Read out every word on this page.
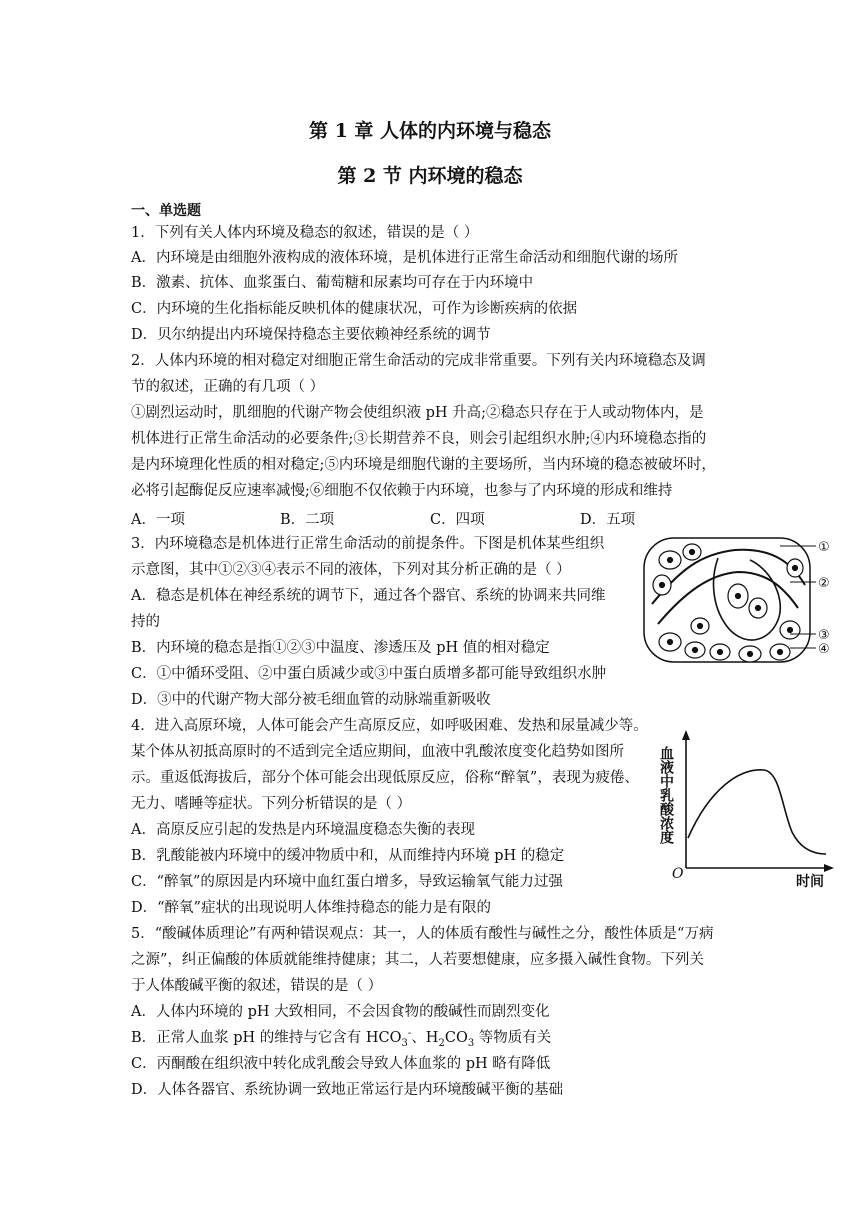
第 1 章 人体的内环境与稳态
第 2 节 内环境的稳态
一、单选题
1．下列有关人体内环境及稳态的叙述，错误的是（ ）
A．内环境是由细胞外液构成的液体环境，是机体进行正常生命活动和细胞代谢的场所
B．激素、抗体、血浆蛋白、葡萄糖和尿素均可存在于内环境中
C．内环境的生化指标能反映机体的健康状况，可作为诊断疾病的依据
D．贝尔纳提出内环境保持稳态主要依赖神经系统的调节
2．人体内环境的相对稳定对细胞正常生命活动的完成非常重要。下列有关内环境稳态及调
节的叙述，正确的有几项（ ）
①剧烈运动时，肌细胞的代谢产物会使组织液 pH 升高;②稳态只存在于人或动物体内，是
机体进行正常生命活动的必要条件;③长期营养不良，则会引起组织水肿;④内环境稳态指的
是内环境理化性质的相对稳定;⑤内环境是细胞代谢的主要场所，当内环境的稳态被破坏时，
必将引起酶促反应速率减慢;⑥细胞不仅依赖于内环境，也参与了内环境的形成和维持
A．一项	B．二项	C．四项	D．五项
3．内环境稳态是机体进行正常生命活动的前提条件。下图是机体某些组织
示意图，其中①②③④表示不同的液体，下列对其分析正确的是（ ）
A．稳态是机体在神经系统的调节下，通过各个器官、系统的协调来共同维
持的
B．内环境的稳态是指①②③中温度、渗透压及 pH 值的相对稳定
C．①中循环受阻、②中蛋白质减少或③中蛋白质增多都可能导致组织水肿
D．③中的代谢产物大部分被毛细血管的动脉端重新吸收
①
②
③
④
4．进入高原环境，人体可能会产生高原反应，如呼吸困难、发热和尿量减少等。
某个体从初抵高原时的不适到完全适应期间，血液中乳酸浓度变化趋势如图所
示。重返低海拔后，部分个体可能会出现低原反应，俗称“醉氧”，表现为疲倦、
无力、嗜睡等症状。下列分析错误的是（ ）
A．高原反应引起的发热是内环境温度稳态失衡的表现
B．乳酸能被内环境中的缓冲物质中和，从而维持内环境 pH 的稳定
C．“醉氧”的原因是内环境中血红蛋白增多，导致运输氧气能力过强
D．“醉氧”症状的出现说明人体维持稳态的能力是有限的
O	时间
血液中乳酸浓度
5．“酸碱体质理论”有两种错误观点：其一，人的体质有酸性与碱性之分，酸性体质是“万病
之源”，纠正偏酸的体质就能维持健康；其二，人若要想健康，应多摄入碱性食物。下列关
于人体酸碱平衡的叙述，错误的是（ ）
A．人体内环境的 pH 大致相同，不会因食物的酸碱性而剧烈变化
B．正常人血浆 pH 的维持与它含有 $HCO_3^-$、$H_2CO_3$ 等物质有关
C．丙酮酸在组织液中转化成乳酸会导致人体血浆的 pH 略有降低
D．人体各器官、系统协调一致地正常运行是内环境酸碱平衡的基础
